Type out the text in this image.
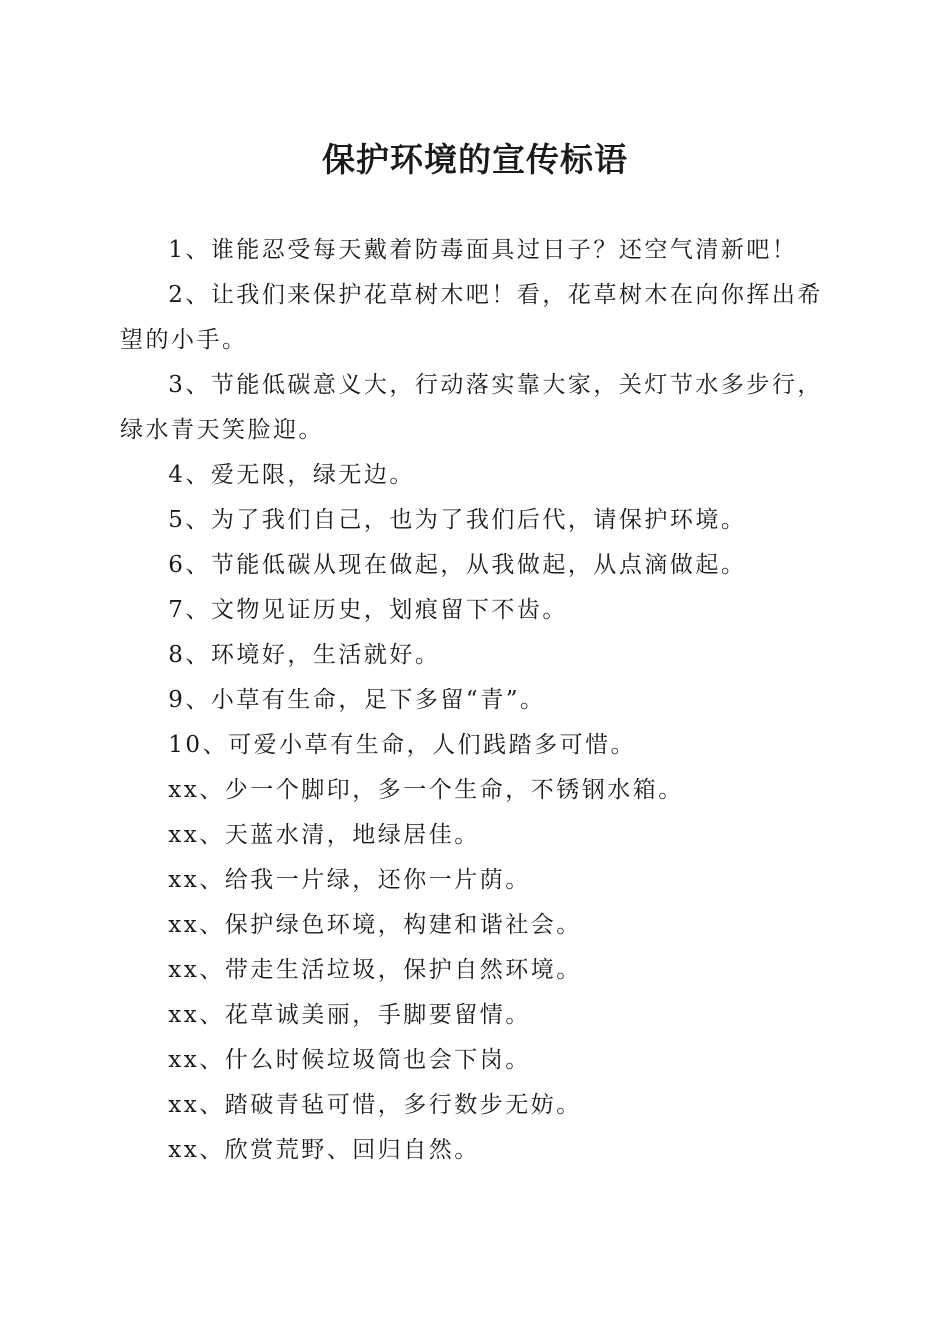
保护环境的宣传标语

1、谁能忍受每天戴着防毒面具过日子？还空气清新吧！

2、让我们来保护花草树木吧！看，花草树木在向你挥出希望的小手。

3、节能低碳意义大，行动落实靠大家，关灯节水多步行，绿水青天笑脸迎。

4、爱无限，绿无边。

5、为了我们自己，也为了我们后代，请保护环境。

6、节能低碳从现在做起，从我做起，从点滴做起。

7、文物见证历史，划痕留下不齿。

8、环境好，生活就好。

9、小草有生命，足下多留“青”。

10、可爱小草有生命，人们践踏多可惜。

xx、少一个脚印，多一个生命，不锈钢水箱。

xx、天蓝水清，地绿居佳。

xx、给我一片绿，还你一片荫。

xx、保护绿色环境，构建和谐社会。

xx、带走生活垃圾，保护自然环境。

xx、花草诚美丽，手脚要留情。

xx、什么时候垃圾筒也会下岗。

xx、踏破青毡可惜，多行数步无妨。

xx、欣赏荒野、回归自然。
